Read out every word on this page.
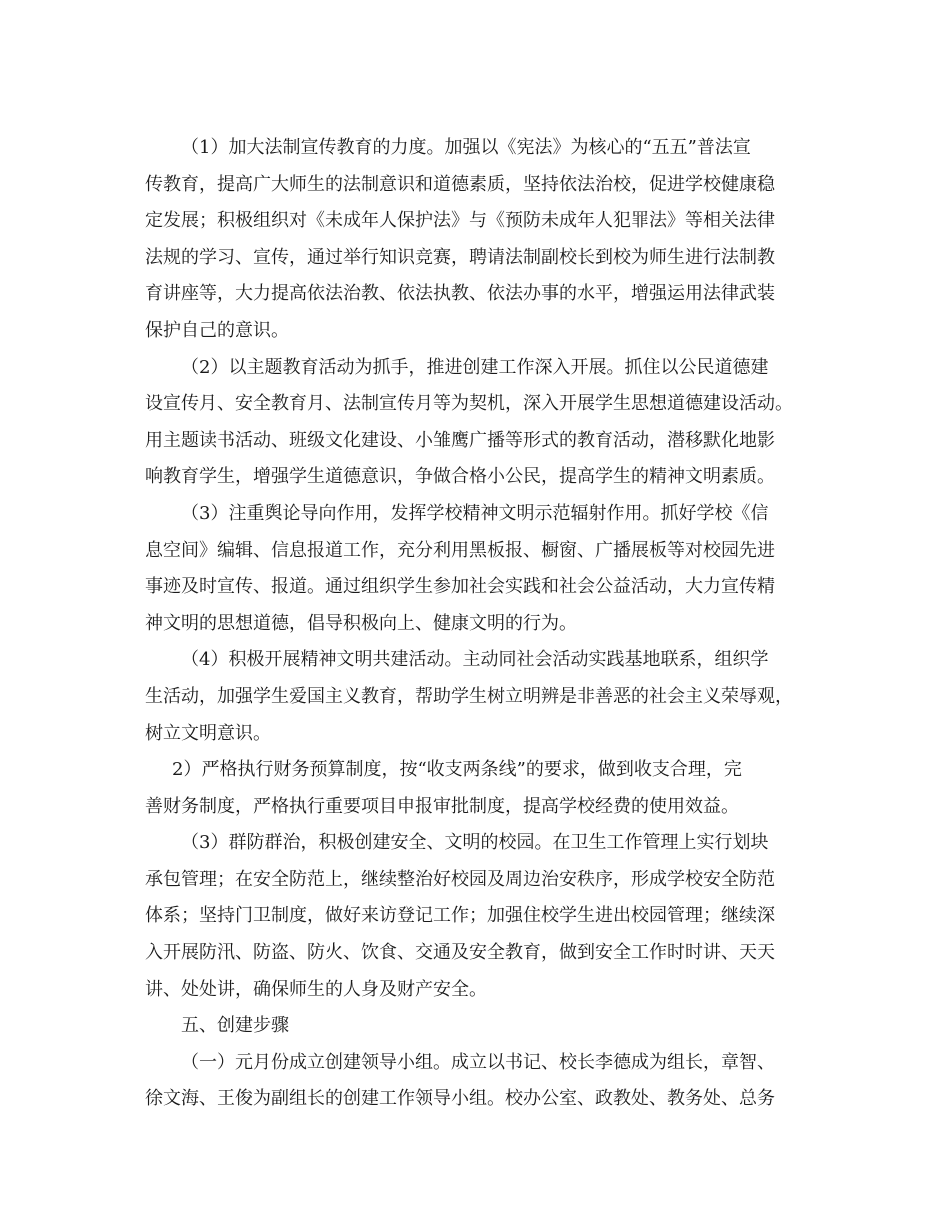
（1）加大法制宣传教育的力度。加强以《宪法》为核心的“五五”普法宣
传教育，提高广大师生的法制意识和道德素质，坚持依法治校，促进学校健康稳
定发展；积极组织对《未成年人保护法》与《预防未成年人犯罪法》等相关法律
法规的学习、宣传，通过举行知识竞赛，聘请法制副校长到校为师生进行法制教
育讲座等，大力提高依法治教、依法执教、依法办事的水平，增强运用法律武装
保护自己的意识。
（2）以主题教育活动为抓手，推进创建工作深入开展。抓住以公民道德建
设宣传月、安全教育月、法制宣传月等为契机，深入开展学生思想道德建设活动。
用主题读书活动、班级文化建设、小雏鹰广播等形式的教育活动，潜移默化地影
响教育学生，增强学生道德意识，争做合格小公民，提高学生的精神文明素质。
（3）注重舆论导向作用，发挥学校精神文明示范辐射作用。抓好学校《信
息空间》编辑、信息报道工作，充分利用黑板报、橱窗、广播展板等对校园先进
事迹及时宣传、报道。通过组织学生参加社会实践和社会公益活动，大力宣传精
神文明的思想道德，倡导积极向上、健康文明的行为。
（4）积极开展精神文明共建活动。主动同社会活动实践基地联系，组织学
生活动，加强学生爱国主义教育，帮助学生树立明辨是非善恶的社会主义荣辱观，
树立文明意识。
2）严格执行财务预算制度，按“收支两条线”的要求，做到收支合理，完
善财务制度，严格执行重要项目申报审批制度，提高学校经费的使用效益。
（3）群防群治，积极创建安全、文明的校园。在卫生工作管理上实行划块
承包管理；在安全防范上，继续整治好校园及周边治安秩序，形成学校安全防范
体系；坚持门卫制度，做好来访登记工作；加强住校学生进出校园管理；继续深
入开展防汛、防盗、防火、饮食、交通及安全教育，做到安全工作时时讲、天天
讲、处处讲，确保师生的人身及财产安全。
五、创建步骤
（一）元月份成立创建领导小组。成立以书记、校长李德成为组长，章智、
徐文海、王俊为副组长的创建工作领导小组。校办公室、政教处、教务处、总务
